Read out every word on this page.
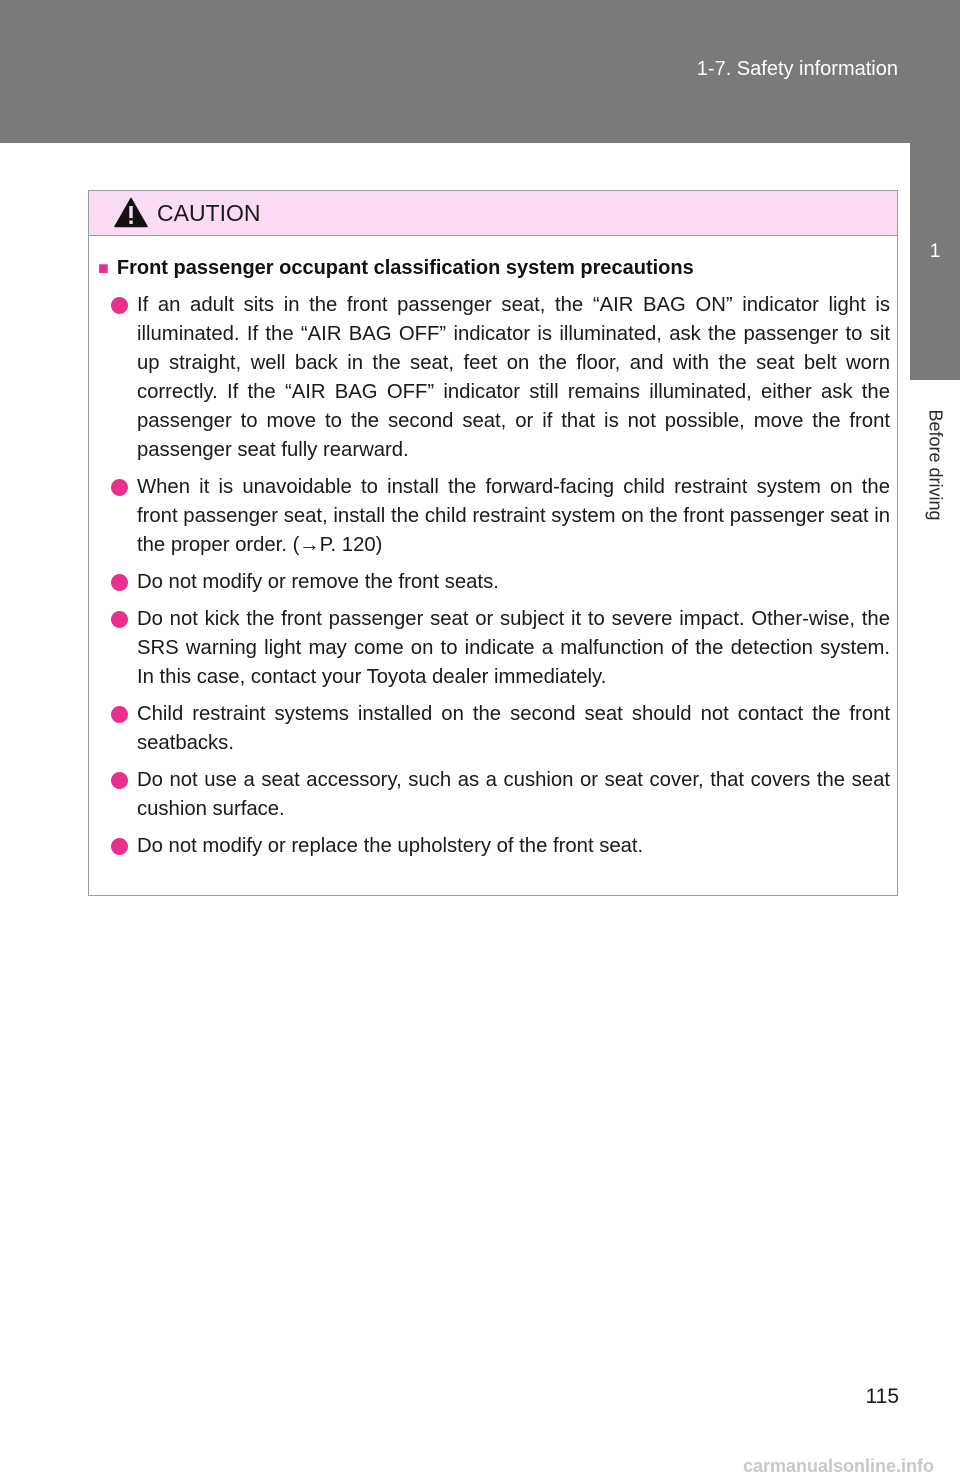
1-7. Safety information
1
Before driving
CAUTION
■ Front passenger occupant classification system precautions
If an adult sits in the front passenger seat, the “AIR BAG ON” indicator light is illuminated. If the “AIR BAG OFF” indicator is illuminated, ask the passenger to sit up straight, well back in the seat, feet on the floor, and with the seat belt worn correctly. If the “AIR BAG OFF” indicator still remains illuminated, either ask the passenger to move to the second seat, or if that is not possible, move the front passenger seat fully rearward.
When it is unavoidable to install the forward-facing child restraint system on the front passenger seat, install the child restraint system on the front passenger seat in the proper order. (→P. 120)
Do not modify or remove the front seats.
Do not kick the front passenger seat or subject it to severe impact. Other-wise, the SRS warning light may come on to indicate a malfunction of the detection system. In this case, contact your Toyota dealer immediately.
Child restraint systems installed on the second seat should not contact the front seatbacks.
Do not use a seat accessory, such as a cushion or seat cover, that covers the seat cushion surface.
Do not modify or replace the upholstery of the front seat.
115
carmanualsonline.info
